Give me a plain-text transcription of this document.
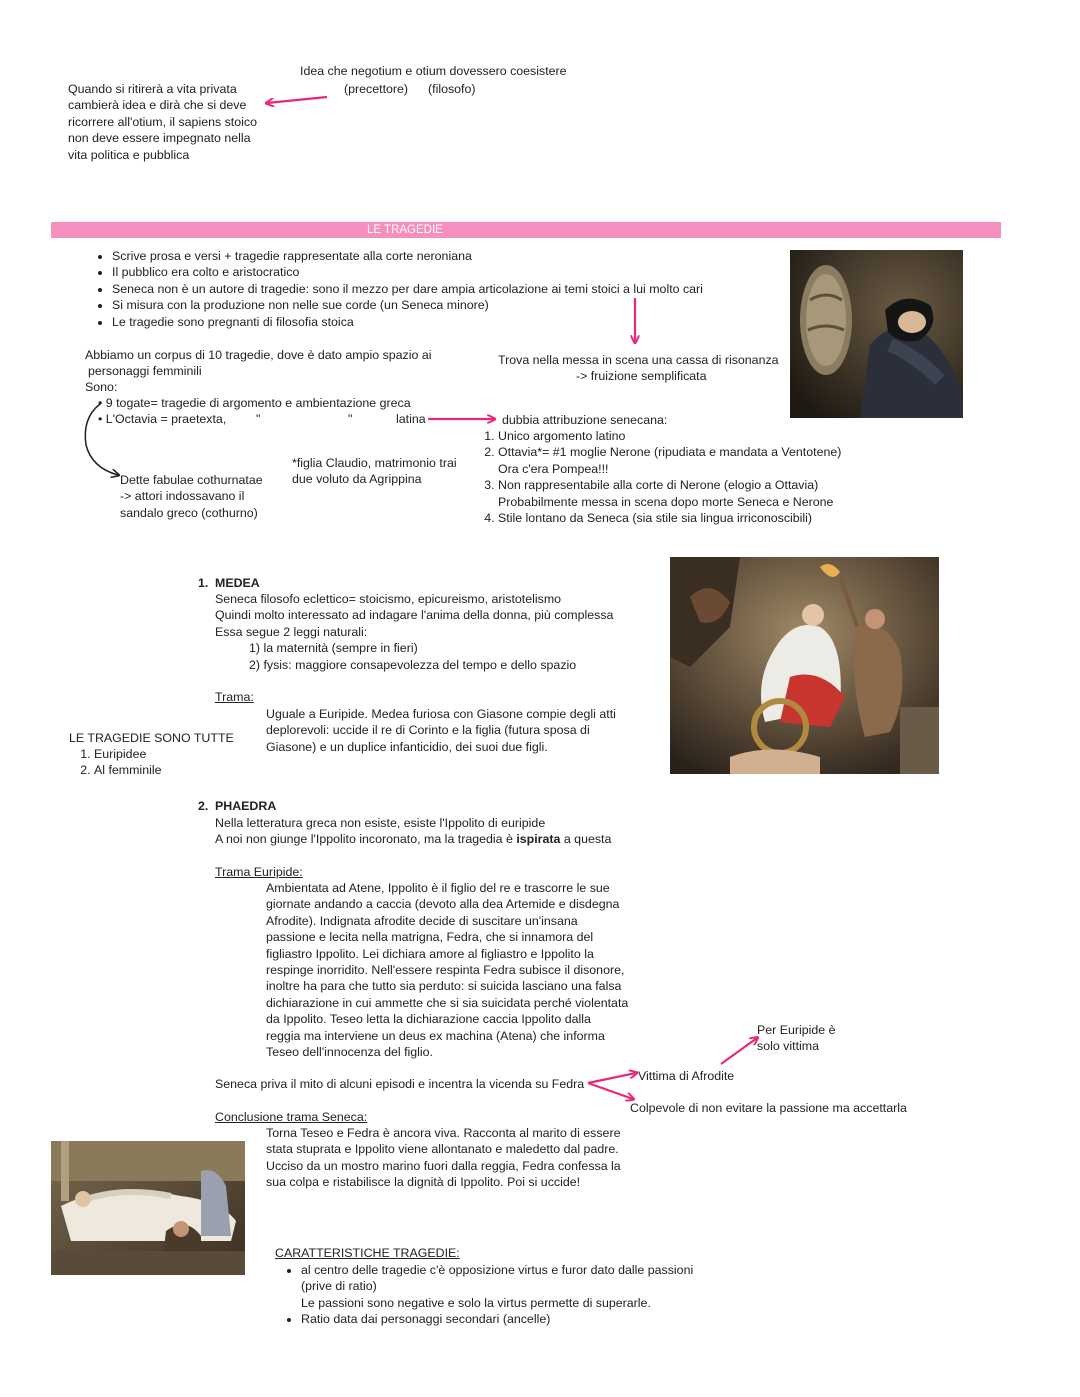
Idea che negotium e otium dovessero coesistere
(precettore) (filosofo)
Quando si ritirerà a vita privata
cambierà idea e dirà che si deve
ricorrere all'otium, il sapiens stoico
non deve essere impegnato nella
vita politica e pubblica
LE TRAGEDIE
• Scrive prosa e versi + tragedie rappresentate alla corte neroniana
• Il pubblico era colto e aristocratico
• Seneca non è un autore di tragedie: sono il mezzo per dare ampia articolazione ai temi stoici a lui molto cari
• Si misura con la produzione non nelle sue corde (un Seneca minore)
• Le tragedie sono pregnanti di filosofia stoica
Trova nella messa in scena una cassa di risonanza
-> fruizione semplificata
Abbiamo un corpus di 10 tragedie, dove è dato ampio spazio ai
personaggi femminili
Sono:
• 9 togate= tragedie di argomento e ambientazione greca
• L'Octavia = praetexta, "	"	latina
Dette fabulae cothurnatae
-> attori indossavano il
sandalo greco (cothurno)
*figlia Claudio, matrimonio trai
due voluto da Agrippina
dubbia attribuzione senecana:
1. Unico argomento latino
2. Ottavia*= #1 moglie Nerone (ripudiata e mandata a Ventotene)
Ora c'era Pompea!!!
3. Non rappresentabile alla corte di Nerone (elogio a Ottavia)
Probabilmente messa in scena dopo morte Seneca e Nerone
4. Stile lontano da Seneca (sia stile sia lingua irriconoscibili)
1. MEDEA
Seneca filosofo eclettico= stoicismo, epicureismo, aristotelismo
Quindi molto interessato ad indagare l'anima della donna, più complessa
Essa segue 2 leggi naturali:
1) la maternità (sempre in fieri)
2) fysis: maggiore consapevolezza del tempo e dello spazio
Trama:
Uguale a Euripide. Medea furiosa con Giasone compie degli atti
deplorevoli: uccide il re di Corinto e la figlia (futura sposa di
Giasone) e un duplice infanticidio, dei suoi due figli.
LE TRAGEDIE SONO TUTTE
1. Euripidee
2. Al femminile
2. PHAEDRA
Nella letteratura greca non esiste, esiste l'Ippolito di euripide
A noi non giunge l'Ippolito incoronato, ma la tragedia è ispirata a questa
Trama Euripide:
Ambientata ad Atene, Ippolito è il figlio del re e trascorre le sue
giornate andando a caccia (devoto alla dea Artemide e disdegna
Afrodite). Indignata afrodite decide di suscitare un'insana
passione e lecita nella matrigna, Fedra, che si innamora del
figliastro Ippolito. Lei dichiara amore al figliastro e Ippolito la
respinge inorridito. Nell'essere respinta Fedra subisce il disonore,
inoltre ha para che tutto sia perduto: si suicida lasciano una falsa
dichiarazione in cui ammette che si sia suicidata perché violentata
da Ippolito. Teseo letta la dichiarazione caccia Ippolito dalla
reggia ma interviene un deus ex machina (Atena) che informa
Teseo dell'innocenza del figlio.
Seneca priva il mito di alcuni episodi e incentra la vicenda su Fedra
Vittima di Afrodite
Colpevole di non evitare la passione ma accettarla
Per Euripide è
solo vittima
Conclusione trama Seneca:
Torna Teseo e Fedra è ancora viva. Racconta al marito di essere
stata stuprata e Ippolito viene allontanato e maledetto dal padre.
Ucciso da un mostro marino fuori dalla reggia, Fedra confessa la
sua colpa e ristabilisce la dignità di Ippolito. Poi si uccide!
CARATTERISTICHE TRAGEDIE:
• al centro delle tragedie c'è opposizione virtus e furor dato dalle passioni
(prive di ratio)
Le passioni sono negative e solo la virtus permette di superarle.
• Ratio data dai personaggi secondari (ancelle)
